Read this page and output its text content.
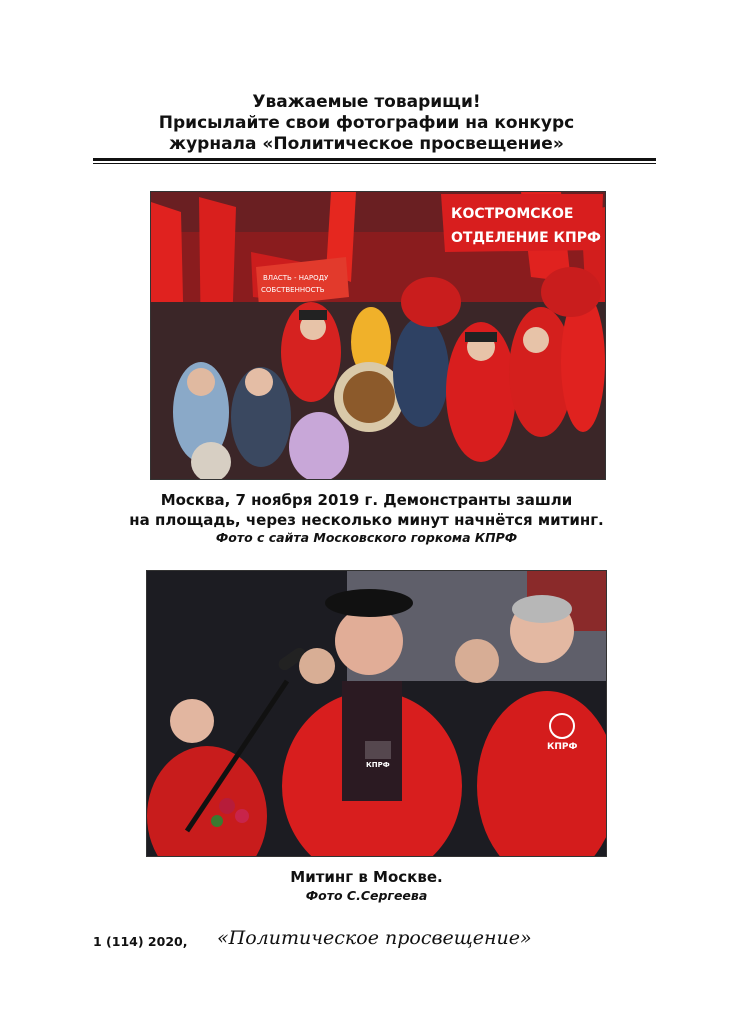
Уважаемые товарищи!
Присылайте свои фотографии на конкурс
журнала «Политическое просвещение»
КОСТРОМСКОЕ
ОТДЕЛЕНИЕ КПРФ
ВЛАСТЬ - НАРОДУ
СОБСТВЕННОСТЬ
Москва, 7 ноября 2019 г. Демонстранты зашли
на площадь, через несколько минут начнётся митинг.
Фото с сайта Московского горкома КПРФ
КПРФ
КПРФ
Митинг в Москве.
Фото С.Сергеева
1 (114) 2020, «Политическое просвещение»
